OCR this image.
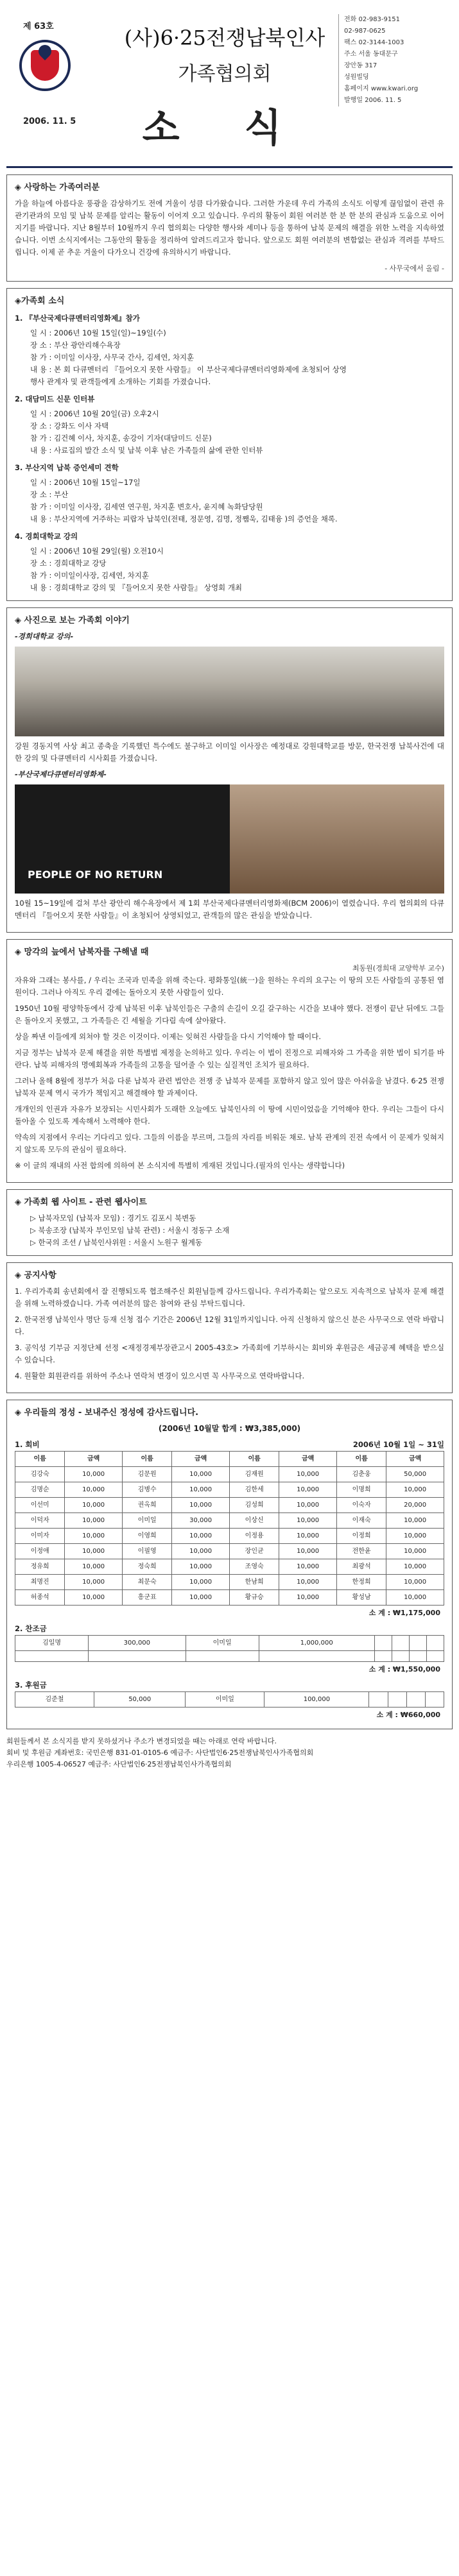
제 63호
2006. 11. 5
(사)6·25전쟁납북인사
가족협의회
소 식
전화 02-983-9151
02-987-0625
팩스 02-3144-1003
주소 서울 동대문구
장안동 317
성원빌딩
홈페이지 www.kwari.org
발행일 2006. 11. 5
◈ 사랑하는 가족여러분

가을 하늘에 아름다운 풍광을 감상하기도 전에 겨울이 성큼 다가왔습니다. 그러한 가운데 우리 가족의 소식도 이렇게 끊임없이 관련 유관기관과의 모임 및 납북 문제를 알리는 활동이 이어져 오고 있습니다. 우리의 활동이 회원 여러분 한 분 한 분의 관심과 도움으로 이어지기를 바랍니다. 지난 8월부터 10월까지 우리 협의회는 다양한 행사와 세미나 등을 통하여 납북 문제의 해결을 위한 노력을 지속하였습니다. 이번 소식지에서는 그동안의 활동을 정리하여 알려드리고자 합니다. 앞으로도 회원 여러분의 변함없는 관심과 격려를 부탁드립니다. 이제 곧 추운 겨울이 다가오니 건강에 유의하시기 바랍니다.

- 사무국에서 올림 -
◈가족회 소식
1. 『부산국제다큐멘터리영화제』참가
일 시 : 2006년 10월 15일(일)~19일(수)
장 소 : 부산 광안리해수욕장
참 가 : 이미일 이사장, 사무국 간사, 김세연, 차지훈
내 용 : 본 회 다큐멘터리 『들어오지 못한 사람들』 이 부산국제다큐멘터리영화제에 초청되어 상영
행사 관계자 및 관객들에게 소개하는 기회를 가졌습니다.
2. 대담미드 신문 인터뷰
일 시 : 2006년 10월 20일(금) 오후2시
장 소 : 강화도 이사 자택
참 가 : 김건혜 이사, 차지훈, 송강이 기자(대담미드 신문)
내 용 : 사료집의 발간 소식 및 납북 이후 남은 가족들의 삶에 관한 인터뷰
3. 부산지역 납북 증언세미 견학
일 시 : 2006년 10월 15일~17일
장 소 : 부산
참 가 : 이미일 이사장, 김세연 연구원, 차지훈 변호사, 윤지혜 녹화담당원
내 용 : 부산지역에 거주하는 피랍자 납북인(전태, 정문영, 김명, 정쨈욱, 김태융 )의 증언을 채록.
4. 경희대학교 강의
일 시 : 2006년 10월 29일(월) 오전10시
장 소 : 경희대학교 강당
참 가 : 이미일이사장, 김세연, 차지훈
내 용 : 경희대학교 강의 및 『들어오지 못한 사람들』 상영회 개최
◈ 사진으로 보는 가족회 이야기
-경희대학교 강의-

강원 경동지역 사상 최고 종축을 기록했던 특수에도 불구하고 이미일 이사장은 예정대로 강원대학교를 방문, 한국전쟁 납북사건에 대한 강의 및 다큐멘터리 시사회를 가졌습니다.

-부산국제다큐멘터리영화제-
PEOPLE OF NO RETURN

10월 15~19일에 걸쳐 부산 광안리 해수욕장에서 제 1회 부산국제다큐멘터리영화제(BCM 2006)이 열렸습니다. 우리 협의회의 다큐멘터리 『들어오지 못한 사람들』이 초청되어 상영되었고, 관객들의 많은 관심을 받았습니다.

◈ 망각의 늪에서 남북자를 구해낼 때
최동원(경희대 교양학부 교수)

자유와 그래는 봉사를, / 우리는 조국과 민족을 위해 죽는다. 평화통일(統一)을 원하는 우리의 요구는 이 땅의 모든 사람들의 공통된 염원이다. 그러나 아직도 우리 곁에는 돌아오지 못한 사람들이 있다.

1950년 10월 평양학동에서 강제 납북된 이후 납북인들은 구출의 손길이 오길 갈구하는 시간을 보내야 했다. 전쟁이 끝난 뒤에도 그들은 돌아오지 못했고, 그 가족들은 긴 세월을 기다림 속에 살아왔다.

상을 짜낸 이들에게 외쳐야 할 것은 이것이다. 이제는 잊혀진 사람들을 다시 기억해야 할 때이다.

지금 정부는 납북자 문제 해결을 위한 특별법 제정을 논의하고 있다. 우리는 이 법이 진정으로 피해자와 그 가족을 위한 법이 되기를 바란다. 납북 피해자의 명예회복과 가족들의 고통을 덜어줄 수 있는 실질적인 조치가 필요하다.

그러나 올해 8월에 정부가 처음 다룬 납북자 관련 법안은 전쟁 중 납북자 문제를 포함하지 않고 있어 많은 아쉬움을 남겼다. 6·25 전쟁 납북자 문제 역시 국가가 책임지고 해결해야 할 과제이다.

개개인의 인권과 자유가 보장되는 시민사회가 도래한 오늘에도 납북인사의 이 땅에 시민이었음을 기억해야 한다. 우리는 그들이 다시 돌아올 수 있도록 계속해서 노력해야 한다.

약속의 지점에서 우리는 기다리고 있다. 그들의 이름을 부르며, 그들의 자리를 비워둔 채로. 남북 관계의 진전 속에서 이 문제가 잊혀지지 않도록 모두의 관심이 필요하다.

※ 이 글의 재내의 사전 합의에 의하여 본 소식지에 특별히 게재된 것입니다.(필자의 인사는 생략합니다)

◈ 가족회 웹 사이트 - 관련 웹사이트
▷ 납북자모임 (납북자 모임) : 경기도 김포시 북변동
▷ 북송조장 (납북자 부인모임 납북 관련) : 서울시 정동구 소재
▷ 한국의 조선 / 납북인사위원 : 서울시 노원구 월계동
◈ 공지사항

1. 우리가족회 송년회에서 잘 진행되도록 협조해주신 회원님들께 감사드립니다. 우리가족회는 앞으로도 지속적으로 납북자 문제 해결을 위해 노력하겠습니다. 가족 여러분의 많은 참여와 관심 부탁드립니다.

2. 한국전쟁 납북인사 명단 등재 신청 접수 기간은 2006년 12월 31일까지입니다. 아직 신청하지 않으신 분은 사무국으로 연락 바랍니다.

3. 공익성 기부금 지정단체 선정 <재정경제부장관고시 2005-43호> 가족회에 기부하시는 회비와 후원금은 세금공제 혜택을 받으실 수 있습니다.

4. 원활한 회원관리를 위하여 주소나 연락처 변경이 있으시면 꼭 사무국으로 연락바랍니다.

◈ 우리들의 정성 - 보내주신 정성에 감사드립니다.
(2006년 10월말 합계 : ₩3,385,000)
1. 회비	2006년 10월 1일 ~ 31일
이름	금액	이름	금액	이름	금액	이름	금액
김강숙	10,000	김문원	10,000	김재원	10,000	김춘웅	50,000
김명순	10,000	김병수	10,000	김한세	10,000	이명희	10,000
이선미	10,000	권옥희	10,000	김성희	10,000	이숙자	20,000
이덕자	10,000	이미일	30,000	이상신	10,000	이재숙	10,000
이미자	10,000	이영희	10,000	이정용	10,000	이정희	10,000
이정애	10,000	이필영	10,000	장인균	10,000	전한윤	10,000
정유희	10,000	정숙희	10,000	조영숙	10,000	최광석	10,000
최명진	10,000	최문숙	10,000	한남희	10,000	한정희	10,000
허종석	10,000	흥군표	10,000	황규승	10,000	황성남	10,000
소 계 : ₩1,175,000
2. 찬조금
김일명	300,000	이미일	1,000,000				

소 계 : ₩1,550,000
3. 후원금
김준철	50,000	이미일	100,000				
소 계 : ₩660,000
회원들께서 본 소식지를 받지 못하셨거나 주소가 변경되었을 때는 아래로 연락 바랍니다.
회비 및 후원금 계좌번호: 국민은행 831-01-0105-6 예금주: 사단법인6·25전쟁납북인사가족협의회
우리은행 1005-4-06527 예금주: 사단법인6·25전쟁납북인사가족협의회
